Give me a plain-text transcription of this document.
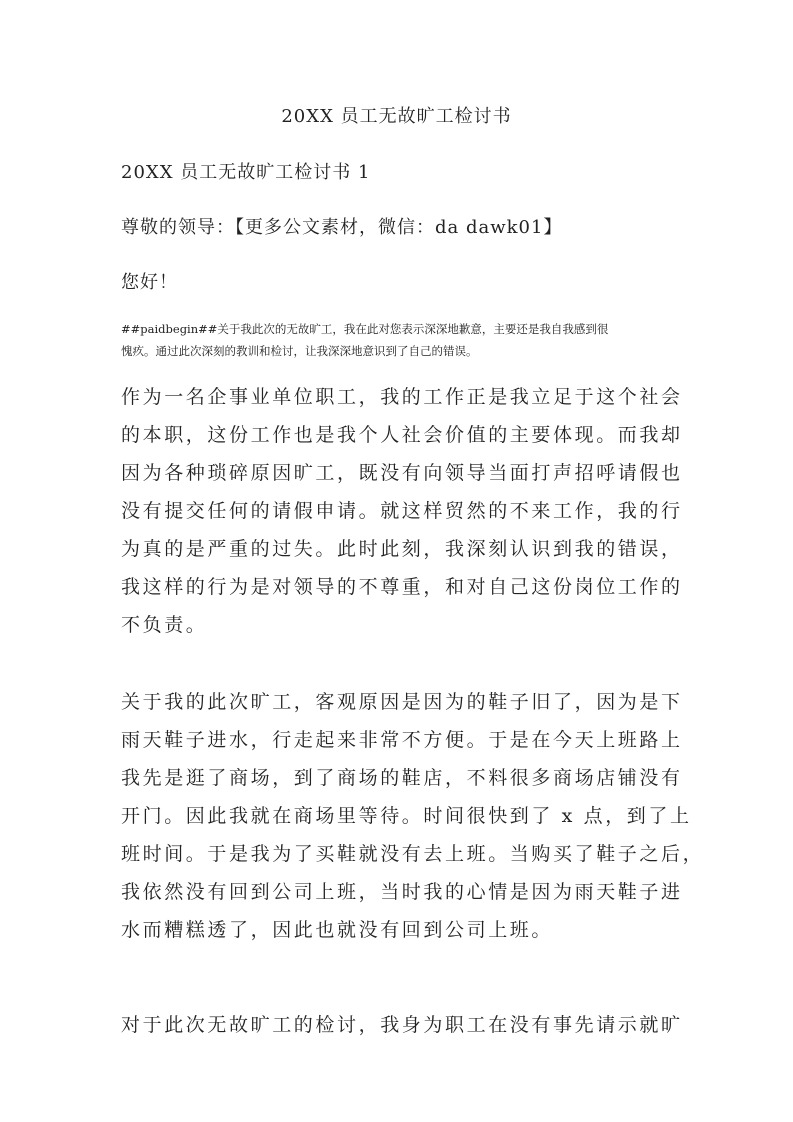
20XX 员工无故旷工检讨书
20XX 员工无故旷工检讨书 1
尊敬的领导：【更多公文素材，微信：da dawk01】
您好！
##paidbegin##关于我此次的无故旷工，我在此对您表示深深地歉意，主要还是我自我感到很
愧疚。通过此次深刻的教训和检讨，让我深深地意识到了自己的错误。
作为一名企事业单位职工，我的工作正是我立足于这个社会
的本职，这份工作也是我个人社会价值的主要体现。而我却
因为各种琐碎原因旷工，既没有向领导当面打声招呼请假也
没有提交任何的请假申请。就这样贸然的不来工作，我的行
为真的是严重的过失。此时此刻，我深刻认识到我的错误，
我这样的行为是对领导的不尊重，和对自己这份岗位工作的
不负责。
关于我的此次旷工，客观原因是因为的鞋子旧了，因为是下
雨天鞋子进水，行走起来非常不方便。于是在今天上班路上
我先是逛了商场，到了商场的鞋店，不料很多商场店铺没有
开门。因此我就在商场里等待。时间很快到了 x 点，到了上
班时间。于是我为了买鞋就没有去上班。当购买了鞋子之后，
我依然没有回到公司上班，当时我的心情是因为雨天鞋子进
水而糟糕透了，因此也就没有回到公司上班。
对于此次无故旷工的检讨，我身为职工在没有事先请示就旷
